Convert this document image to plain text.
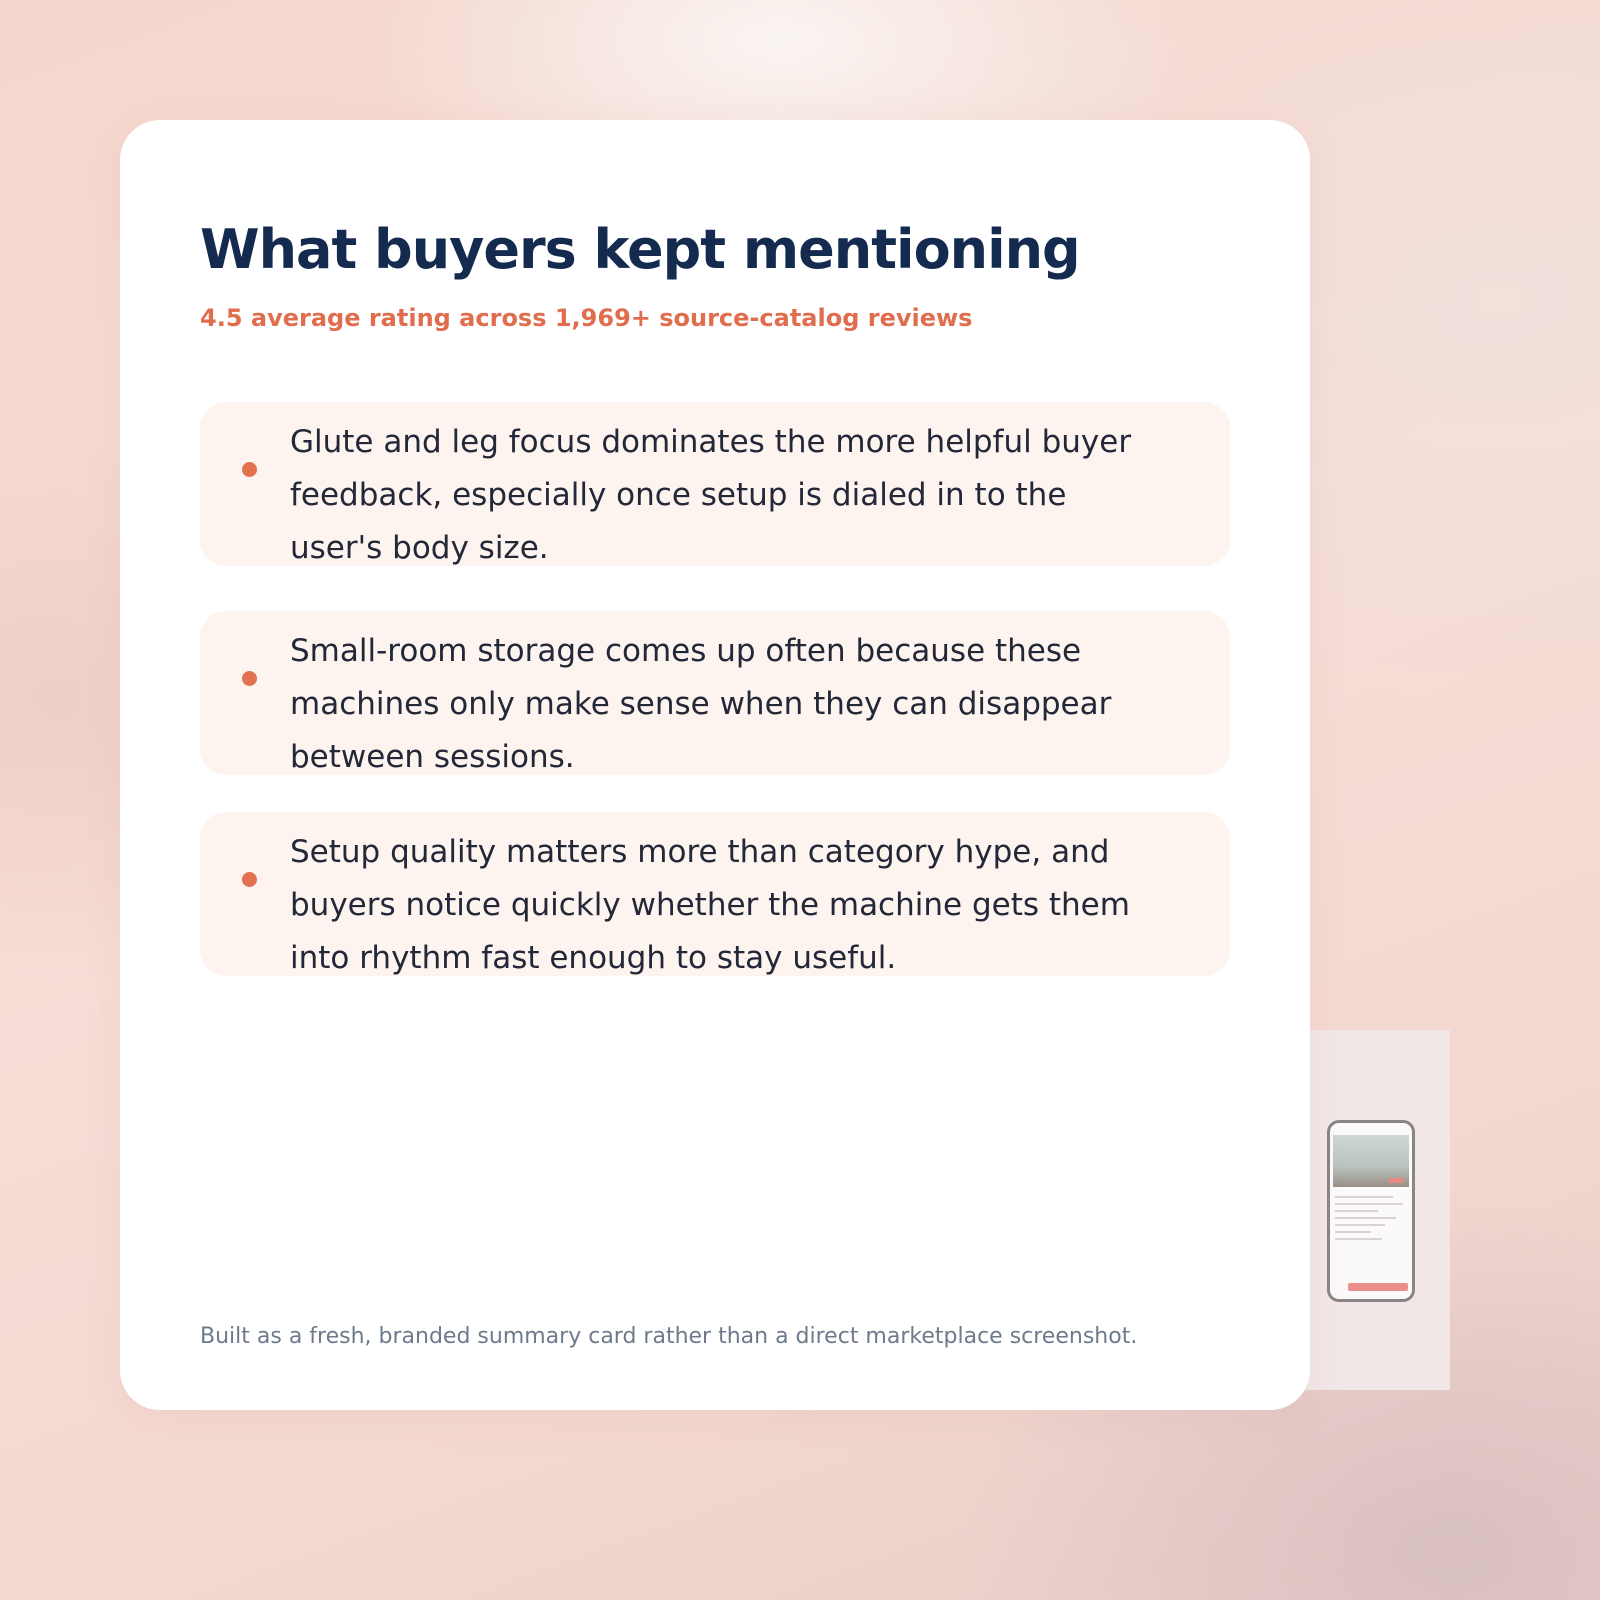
What buyers kept mentioning

4.5 average rating across 1,969+ source-catalog reviews

Glute and leg focus dominates the more helpful buyer feedback, especially once setup is dialed in to the user's body size.

Small-room storage comes up often because these machines only make sense when they can disappear between sessions.

Setup quality matters more than category hype, and buyers notice quickly whether the machine gets them into rhythm fast enough to stay useful.

Built as a fresh, branded summary card rather than a direct marketplace screenshot.
